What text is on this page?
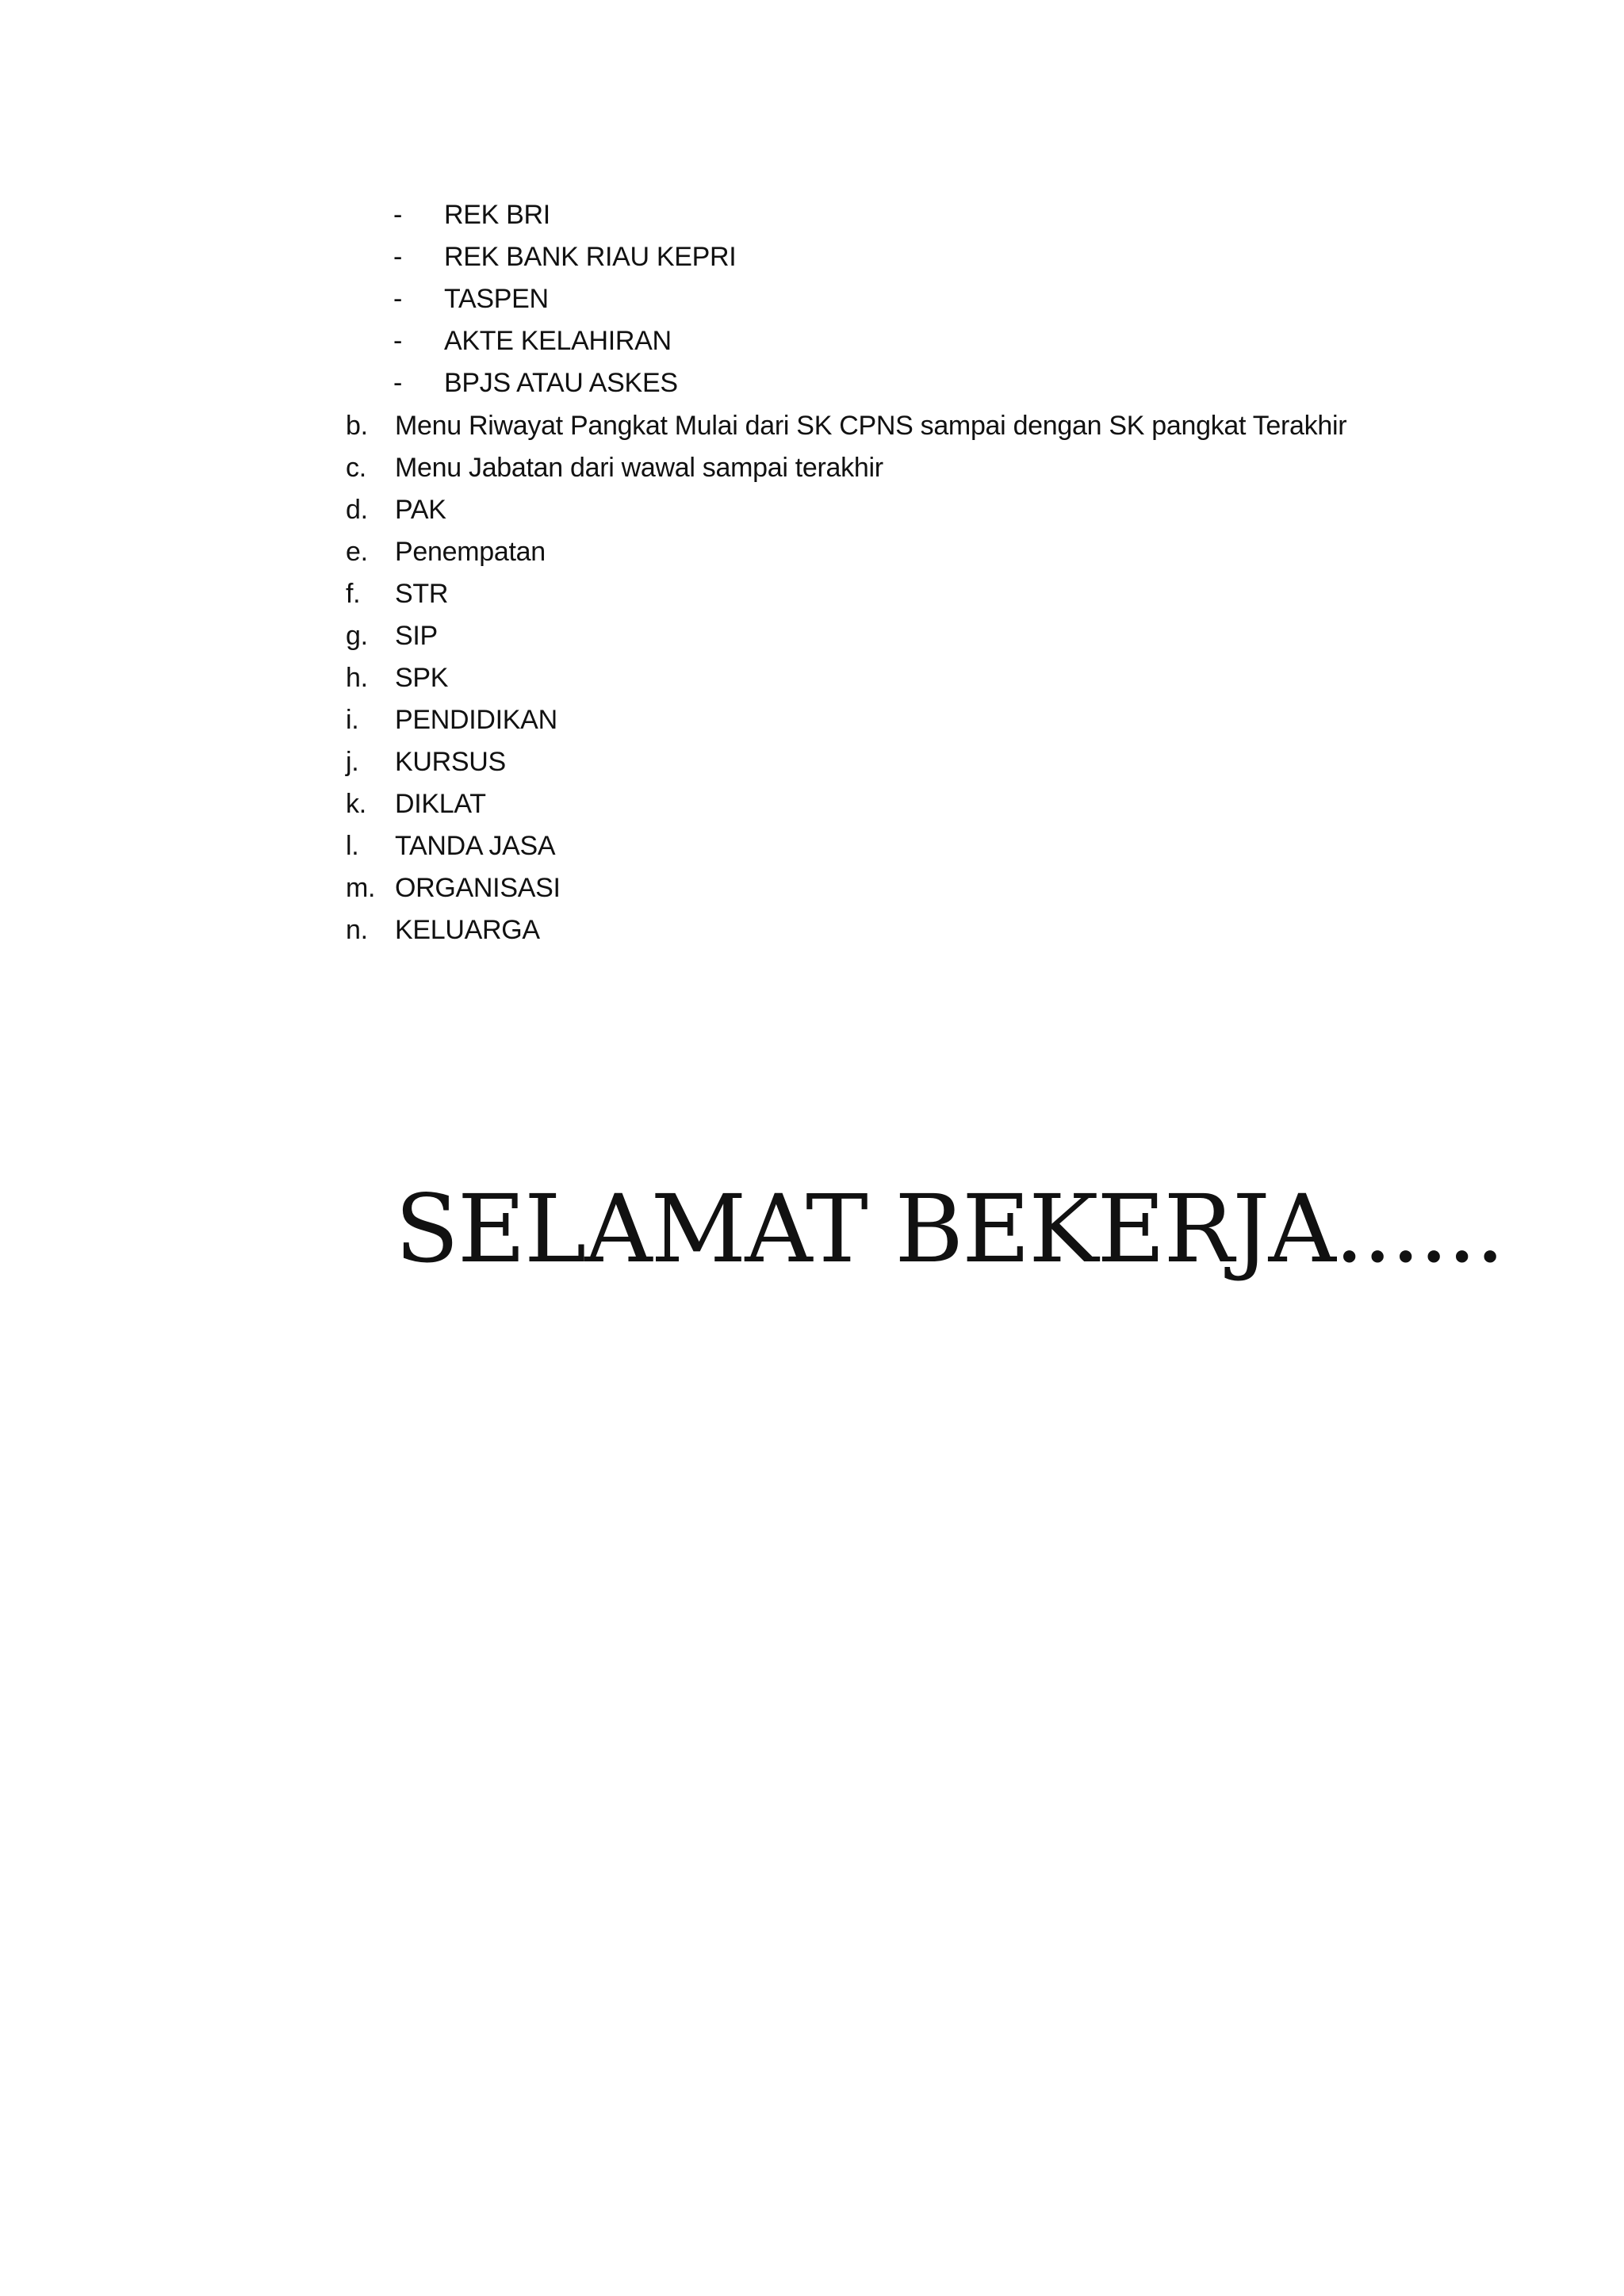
- REK BRI
- REK BANK RIAU KEPRI
- TASPEN
- AKTE KELAHIRAN
- BPJS ATAU ASKES
b. Menu Riwayat Pangkat Mulai dari SK CPNS sampai dengan SK pangkat Terakhir
c. Menu Jabatan dari wawal sampai terakhir
d. PAK
e. Penempatan
f. STR
g. SIP
h. SPK
i. PENDIDIKAN
j. KURSUS
k. DIKLAT
l. TANDA JASA
m. ORGANISASI
n. KELUARGA
SELAMAT BEKERJA......
